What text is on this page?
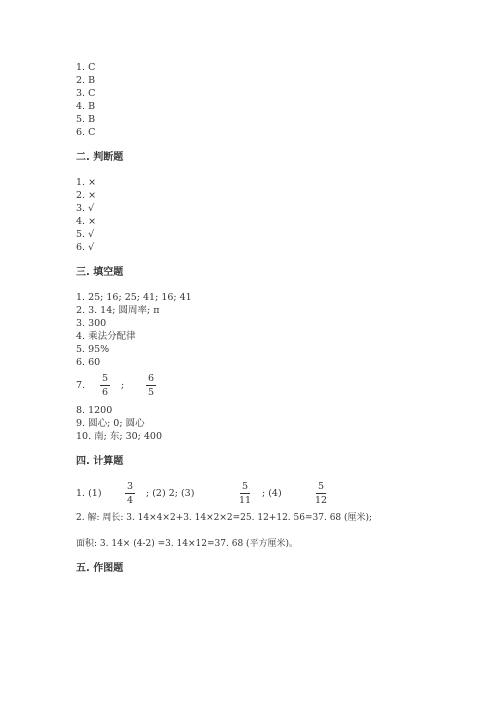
1. C
2. B
3. C
4. B
5. B
6. C
二. 判断题
1. ×
2. ×
3. √
4. ×
5. √
6. √
三. 填空题
1. 25; 16; 25; 41; 16; 41
2. 3. 14; 圆周率; π
3. 300
4. 乘法分配律
5. 95%
6. 60
7.
5
6
;
6
5
8. 1200
9. 圆心; 0; 圆心
10. 南; 东; 30; 400
四. 计算题
1. (1)
3
4
; (2) 2; (3)
5
11
; (4)
5
12
2. 解: 周长: 3. 14×4×2+3. 14×2×2=25. 12+12. 56=37. 68 (厘米);
面积: 3. 14× (4-2) =3. 14×12=37. 68 (平方厘米)。
五. 作图题
